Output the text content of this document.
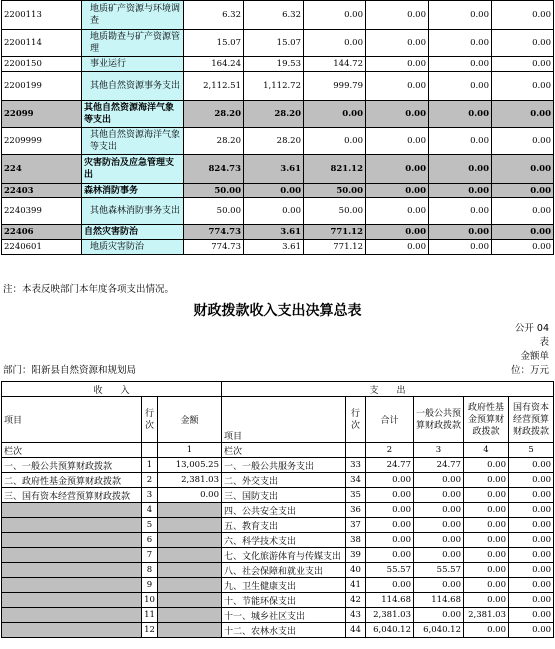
2200113	地质矿产资源与环境调查	6.32	6.32	0.00	0.00	0.00	0.00
2200114	地质勘查与矿产资源管理	15.07	15.07	0.00	0.00	0.00	0.00
2200150	事业运行	164.24	19.53	144.72	0.00	0.00	0.00
2200199	其他自然资源事务支出	2,112.51	1,112.72	999.79	0.00	0.00	0.00
22099	其他自然资源海洋气象等支出	28.20	28.20	0.00	0.00	0.00	0.00
2209999	其他自然资源海洋气象等支出	28.20	28.20	0.00	0.00	0.00	0.00
224	灾害防治及应急管理支出	824.73	3.61	821.12	0.00	0.00	0.00
22403	森林消防事务	50.00	0.00	50.00	0.00	0.00	0.00
2240399	其他森林消防事务支出	50.00	0.00	50.00	0.00	0.00	0.00
22406	自然灾害防治	774.73	3.61	771.12	0.00	0.00	0.00
2240601	地质灾害防治	774.73	3.61	771.12	0.00	0.00	0.00
注：本表反映部门本年度各项支出情况。
财政拨款收入支出决算总表
公开 04
表
金额单
位：万元
部门：阳新县自然资源和规划局
收　　入			支　　出					
项目	行次	金额	项目	行次	合计	一般公共预算财政拨款	政府性基金预算财政拨款	国有资本经营预算财政拨款
栏次		1	栏次		2	3	4	5
一、一般公共预算财政拨款	1	13,005.25	一、一般公共服务支出	33	24.77	24.77	0.00	0.00
二、政府性基金预算财政拨款	2	2,381.03	二、外交支出	34	0.00	0.00	0.00	0.00
三、国有资本经营预算财政拨款	3	0.00	三、国防支出	35	0.00	0.00	0.00	0.00
	4		四、公共安全支出	36	0.00	0.00	0.00	0.00
	5		五、教育支出	37	0.00	0.00	0.00	0.00
	6		六、科学技术支出	38	0.00	0.00	0.00	0.00
	7		七、文化旅游体育与传媒支出	39	0.00	0.00	0.00	0.00
	8		八、社会保障和就业支出	40	55.57	55.57	0.00	0.00
	9		九、卫生健康支出	41	0.00	0.00	0.00	0.00
	10		十、节能环保支出	42	114.68	114.68	0.00	0.00
	11		十一、城乡社区支出	43	2,381.03	0.00	2,381.03	0.00
	12		十二、农林水支出	44	6,040.12	6,040.12	0.00	0.00
